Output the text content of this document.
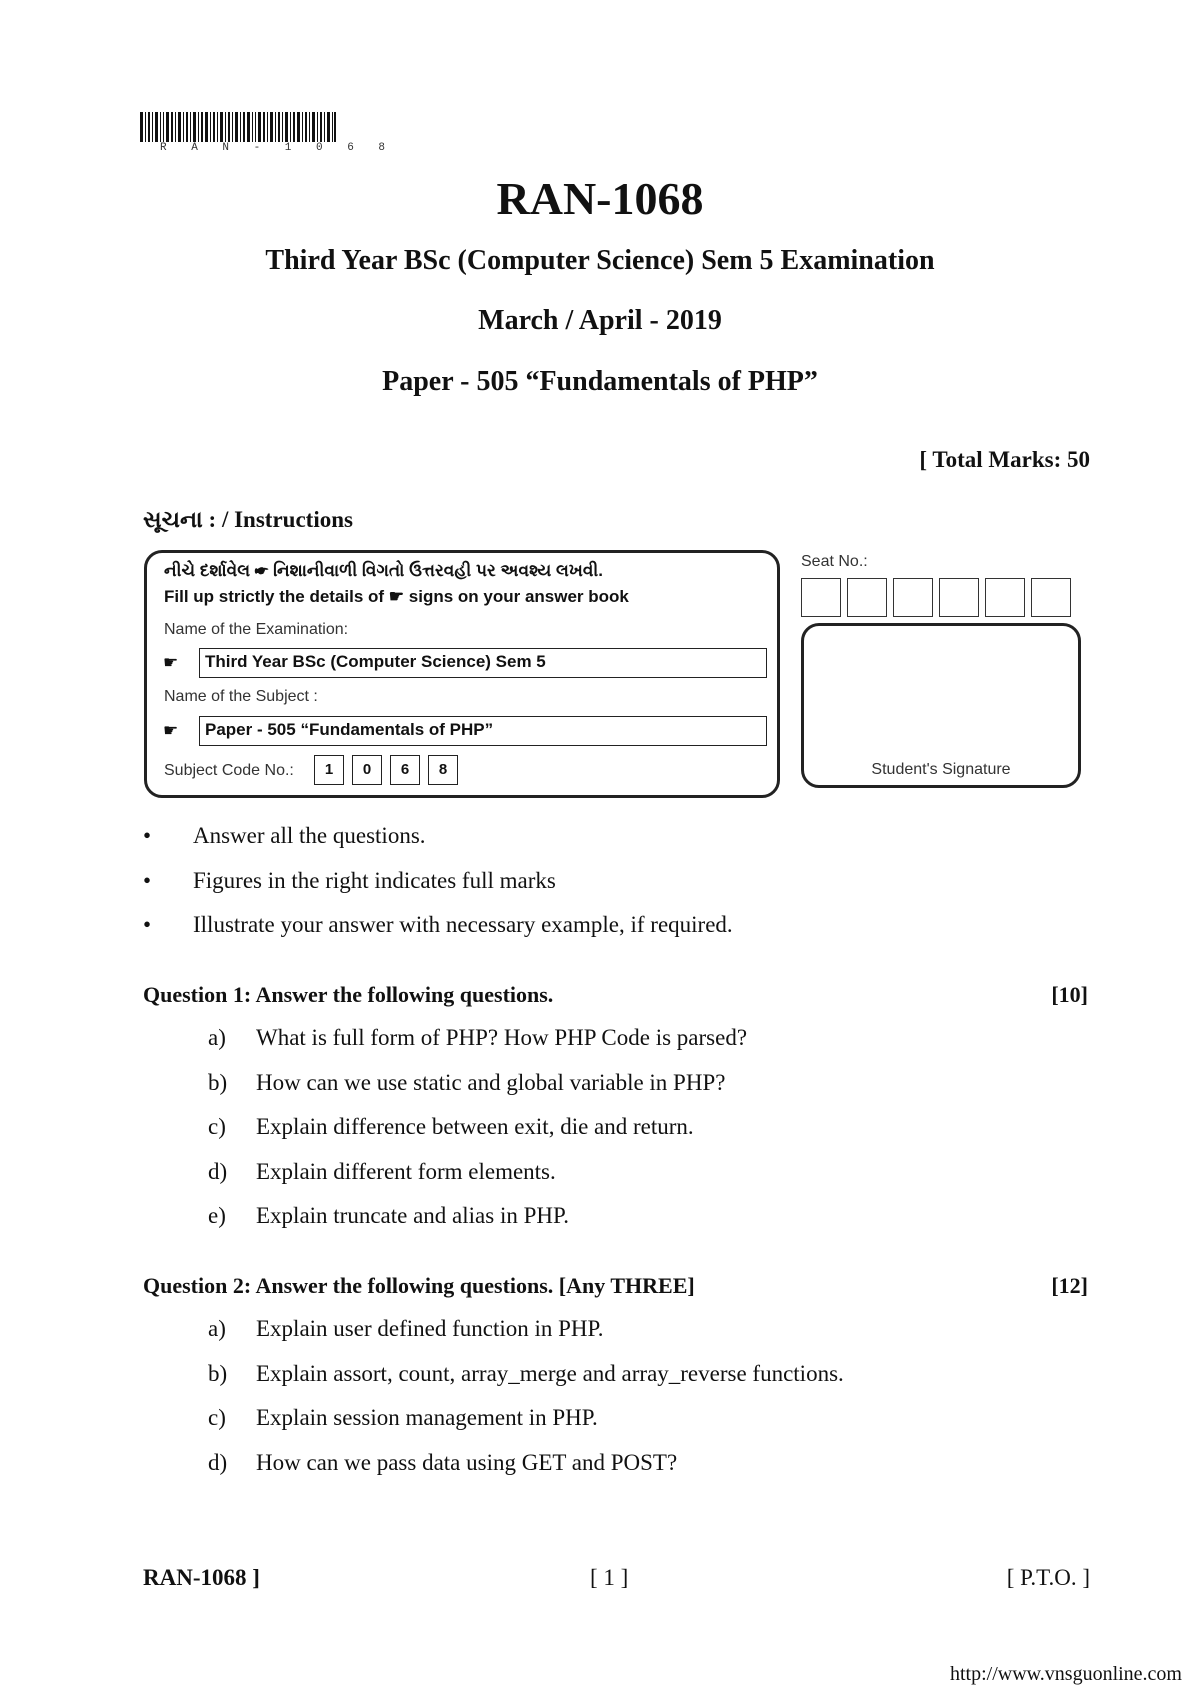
R A N - 1 0 6 8
RAN-1068
Third Year BSc (Computer Science) Sem 5 Examination
March / April - 2019
Paper - 505 “Fundamentals of PHP”
[ Total Marks: 50
સૂચના : / Instructions
નીચે દર્શાવેલ ☛ નિશાનીવાળી વિગતો ઉત્તરવહી પર અવશ્ય લખવી.
Fill up strictly the details of ☛ signs on your answer book
Name of the Examination:
☛	Third Year BSc (Computer Science) Sem 5
Name of the Subject :
☛	Paper - 505 “Fundamentals of PHP”
Subject Code No.:	1	0	6	8
Seat No.:
Student's Signature
• Answer all the questions.
• Figures in the right indicates full marks
• Illustrate your answer with necessary example, if required.
Question 1: Answer the following questions.	[10]
a) What is full form of PHP? How PHP Code is parsed?
b) How can we use static and global variable in PHP?
c) Explain difference between exit, die and return.
d) Explain different form elements.
e) Explain truncate and alias in PHP.
Question 2: Answer the following questions. [Any THREE]	[12]
a) Explain user defined function in PHP.
b) Explain assort, count, array_merge and array_reverse functions.
c) Explain session management in PHP.
d) How can we pass data using GET and POST?
RAN-1068 ]	[ 1 ]	[ P.T.O. ]
http://www.vnsguonline.com
